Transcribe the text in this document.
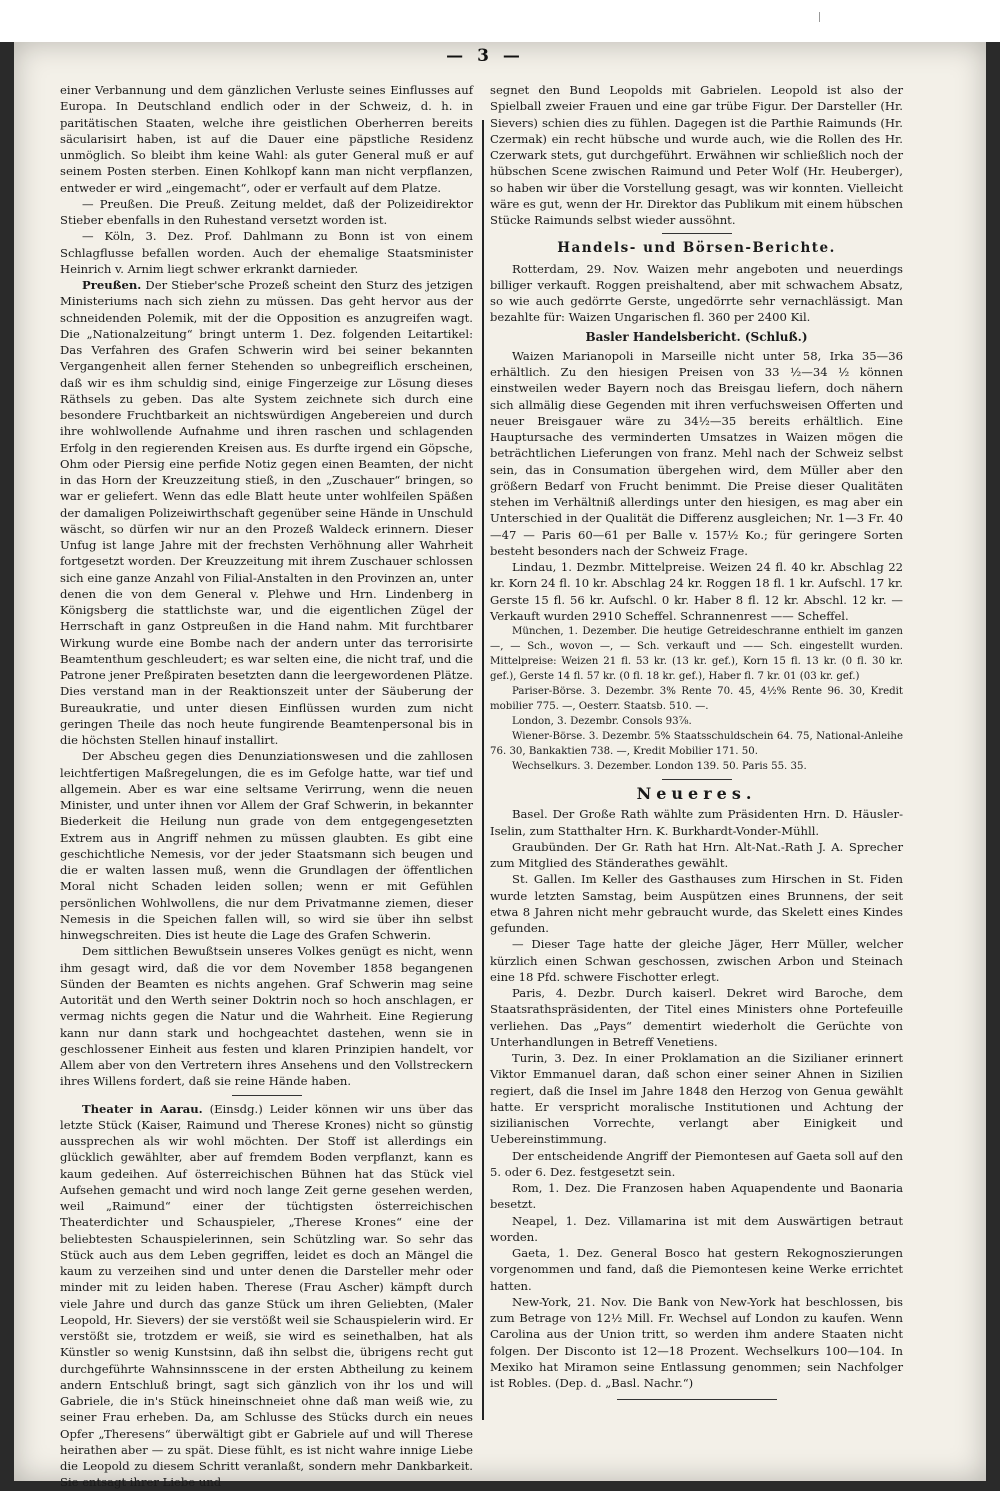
— 3 —

einer Verbannung und dem gänzlichen Verluste seines Einflusses auf Europa. In Deutschland endlich oder in der Schweiz, d. h. in paritätischen Staaten, welche ihre geistlichen Oberherren bereits säcularisirt haben, ist auf die Dauer eine päpstliche Residenz unmöglich. So bleibt ihm keine Wahl: als guter General muß er auf seinem Posten sterben. Einen Kohlkopf kann man nicht verpflanzen, entweder er wird „eingemacht“, oder er verfault auf dem Platze.

— Preußen. Die Preuß. Zeitung meldet, daß der Polizeidirektor Stieber ebenfalls in den Ruhestand versetzt worden ist.

— Köln, 3. Dez. Prof. Dahlmann zu Bonn ist von einem Schlagflusse befallen worden. Auch der ehemalige Staatsminister Heinrich v. Arnim liegt schwer erkrankt darnieder.

Preußen. Der Stieber'sche Prozeß scheint den Sturz des jetzigen Ministeriums nach sich ziehn zu müssen. Das geht hervor aus der schneidenden Polemik, mit der die Opposition es anzugreifen wagt. Die „Nationalzeitung“ bringt unterm 1. Dez. folgenden Leitartikel: Das Verfahren des Grafen Schwerin wird bei seiner bekannten Vergangenheit allen ferner Stehenden so unbegreiflich erscheinen, daß wir es ihm schuldig sind, einige Fingerzeige zur Lösung dieses Räthsels zu geben. Das alte System zeichnete sich durch eine besondere Fruchtbarkeit an nichtswürdigen Angebereien und durch ihre wohlwollende Aufnahme und ihren raschen und schlagenden Erfolg in den regierenden Kreisen aus. Es durfte irgend ein Göpsche, Ohm oder Piersig eine perfide Notiz gegen einen Beamten, der nicht in das Horn der Kreuzzeitung stieß, in den „Zuschauer“ bringen, so war er geliefert. Wenn das edle Blatt heute unter wohlfeilen Späßen der damaligen Polizeiwirthschaft gegenüber seine Hände in Unschuld wäscht, so dürfen wir nur an den Prozeß Waldeck erinnern. Dieser Unfug ist lange Jahre mit der frechsten Verhöhnung aller Wahrheit fortgesetzt worden. Der Kreuzzeitung mit ihrem Zuschauer schlossen sich eine ganze Anzahl von Filial-Anstalten in den Provinzen an, unter denen die von dem General v. Plehwe und Hrn. Lindenberg in Königsberg die stattlichste war, und die eigentlichen Zügel der Herrschaft in ganz Ostpreußen in die Hand nahm. Mit furchtbarer Wirkung wurde eine Bombe nach der andern unter das terrorisirte Beamtenthum geschleudert; es war selten eine, die nicht traf, und die Patrone jener Preßpiraten besetzten dann die leergewordenen Plätze. Dies verstand man in der Reaktionszeit unter der Säuberung der Bureaukratie, und unter diesen Einflüssen wurden zum nicht geringen Theile das noch heute fungirende Beamtenpersonal bis in die höchsten Stellen hinauf installirt.

Der Abscheu gegen dies Denunziationswesen und die zahllosen leichtfertigen Maßregelungen, die es im Gefolge hatte, war tief und allgemein. Aber es war eine seltsame Verirrung, wenn die neuen Minister, und unter ihnen vor Allem der Graf Schwerin, in bekannter Biederkeit die Heilung nun grade von dem entgegengesetzten Extrem aus in Angriff nehmen zu müssen glaubten. Es gibt eine geschichtliche Nemesis, vor der jeder Staatsmann sich beugen und die er walten lassen muß, wenn die Grundlagen der öffentlichen Moral nicht Schaden leiden sollen; wenn er mit Gefühlen persönlichen Wohlwollens, die nur dem Privatmanne ziemen, dieser Nemesis in die Speichen fallen will, so wird sie über ihn selbst hinwegschreiten. Dies ist heute die Lage des Grafen Schwerin.

Dem sittlichen Bewußtsein unseres Volkes genügt es nicht, wenn ihm gesagt wird, daß die vor dem November 1858 begangenen Sünden der Beamten es nichts angehen. Graf Schwerin mag seine Autorität und den Werth seiner Doktrin noch so hoch anschlagen, er vermag nichts gegen die Natur und die Wahrheit. Eine Regierung kann nur dann stark und hochgeachtet dastehen, wenn sie in geschlossener Einheit aus festen und klaren Prinzipien handelt, vor Allem aber von den Vertretern ihres Ansehens und den Vollstreckern ihres Willens fordert, daß sie reine Hände haben.

Theater in Aarau. (Einsdg.) Leider können wir uns über das letzte Stück (Kaiser, Raimund und Therese Krones) nicht so günstig aussprechen als wir wohl möchten. Der Stoff ist allerdings ein glücklich gewählter, aber auf fremdem Boden verpflanzt, kann es kaum gedeihen. Auf österreichischen Bühnen hat das Stück viel Aufsehen gemacht und wird noch lange Zeit gerne gesehen werden, weil „Raimund“ einer der tüchtigsten österreichischen Theaterdichter und Schauspieler, „Therese Krones“ eine der beliebtesten Schauspielerinnen, sein Schützling war. So sehr das Stück auch aus dem Leben gegriffen, leidet es doch an Mängel die kaum zu verzeihen sind und unter denen die Darsteller mehr oder minder mit zu leiden haben. Therese (Frau Ascher) kämpft durch viele Jahre und durch das ganze Stück um ihren Geliebten, (Maler Leopold, Hr. Sievers) der sie verstößt weil sie Schauspielerin wird. Er verstößt sie, trotzdem er weiß, sie wird es seinethalben, hat als Künstler so wenig Kunstsinn, daß ihn selbst die, übrigens recht gut durchgeführte Wahnsinnsscene in der ersten Abtheilung zu keinem andern Entschluß bringt, sagt sich gänzlich von ihr los und will Gabriele, die in's Stück hineinschneiet ohne daß man weiß wie, zu seiner Frau erheben. Da, am Schlusse des Stücks durch ein neues Opfer „Theresens“ überwältigt gibt er Gabriele auf und will Therese heirathen aber — zu spät. Diese fühlt, es ist nicht wahre innige Liebe die Leopold zu diesem Schritt veranlaßt, sondern mehr Dankbarkeit. Sie entsagt ihrer Liebe und

segnet den Bund Leopolds mit Gabrielen. Leopold ist also der Spielball zweier Frauen und eine gar trübe Figur. Der Darsteller (Hr. Sievers) schien dies zu fühlen. Dagegen ist die Parthie Raimunds (Hr. Czermak) ein recht hübsche und wurde auch, wie die Rollen des Hr. Czerwark stets, gut durchgeführt. Erwähnen wir schließlich noch der hübschen Scene zwischen Raimund und Peter Wolf (Hr. Heuberger), so haben wir über die Vorstellung gesagt, was wir konnten. Vielleicht wäre es gut, wenn der Hr. Direktor das Publikum mit einem hübschen Stücke Raimunds selbst wieder aussöhnt.

Handels- und Börsen-Berichte.

Rotterdam, 29. Nov. Waizen mehr angeboten und neuerdings billiger verkauft. Roggen preishaltend, aber mit schwachem Absatz, so wie auch gedörrte Gerste, ungedörrte sehr vernachlässigt. Man bezahlte für: Waizen Ungarischen fl. 360 per 2400 Kil.

Basler Handelsbericht. (Schluß.)

Waizen Marianopoli in Marseille nicht unter 58, Irka 35—36 erhältlich. Zu den hiesigen Preisen von 33 ½—34 ½ können einstweilen weder Bayern noch das Breisgau liefern, doch nähern sich allmälig diese Gegenden mit ihren verfuchsweisen Offerten und neuer Breisgauer wäre zu 34½—35 bereits erhältlich. Eine Hauptursache des verminderten Umsatzes in Waizen mögen die beträchtlichen Lieferungen von franz. Mehl nach der Schweiz selbst sein, das in Consumation übergehen wird, dem Müller aber den größern Bedarf von Frucht benimmt. Die Preise dieser Qualitäten stehen im Verhältniß allerdings unter den hiesigen, es mag aber ein Unterschied in der Qualität die Differenz ausgleichen; Nr. 1—3 Fr. 40—47 — Paris 60—61 per Balle v. 157½ Ko.; für geringere Sorten besteht besonders nach der Schweiz Frage.

Lindau, 1. Dezmbr. Mittelpreise. Weizen 24 fl. 40 kr. Abschlag 22 kr. Korn 24 fl. 10 kr. Abschlag 24 kr. Roggen 18 fl. 1 kr. Aufschl. 17 kr. Gerste 15 fl. 56 kr. Aufschl. 0 kr. Haber 8 fl. 12 kr. Abschl. 12 kr. — Verkauft wurden 2910 Scheffel. Schrannenrest —— Scheffel.

München, 1. Dezember. Die heutige Getreideschranne enthielt im ganzen —, — Sch., wovon —, — Sch. verkauft und —— Sch. eingestellt wurden. Mittelpreise: Weizen 21 fl. 53 kr. (13 kr. gef.), Korn 15 fl. 13 kr. (0 fl. 30 kr. gef.), Gerste 14 fl. 57 kr. (0 fl. 18 kr. gef.), Haber fl. 7 kr. 01 (03 kr. gef.)

Pariser-Börse. 3. Dezembr. 3% Rente 70. 45, 4½% Rente 96. 30, Kredit mobilier 775. —, Oesterr. Staatsb. 510. —.

London, 3. Dezembr. Consols 93⅞.

Wiener-Börse. 3. Dezembr. 5% Staatsschuldschein 64. 75, National-Anleihe 76. 30, Bankaktien 738. —, Kredit Mobilier 171. 50.

Wechselkurs. 3. Dezember. London 139. 50. Paris 55. 35.

Neueres.

Basel. Der Große Rath wählte zum Präsidenten Hrn. D. Häusler-Iselin, zum Statthalter Hrn. K. Burkhardt-Vonder-Mühll.

Graubünden. Der Gr. Rath hat Hrn. Alt-Nat.-Rath J. A. Sprecher zum Mitglied des Ständerathes gewählt.

St. Gallen. Im Keller des Gasthauses zum Hirschen in St. Fiden wurde letzten Samstag, beim Auspützen eines Brunnens, der seit etwa 8 Jahren nicht mehr gebraucht wurde, das Skelett eines Kindes gefunden.

— Dieser Tage hatte der gleiche Jäger, Herr Müller, welcher kürzlich einen Schwan geschossen, zwischen Arbon und Steinach eine 18 Pfd. schwere Fischotter erlegt.

Paris, 4. Dezbr. Durch kaiserl. Dekret wird Baroche, dem Staatsrathspräsidenten, der Titel eines Ministers ohne Portefeuille verliehen. Das „Pays“ dementirt wiederholt die Gerüchte von Unterhandlungen in Betreff Venetiens.

Turin, 3. Dez. In einer Proklamation an die Sizilianer erinnert Viktor Emmanuel daran, daß schon einer seiner Ahnen in Sizilien regiert, daß die Insel im Jahre 1848 den Herzog von Genua gewählt hatte. Er verspricht moralische Institutionen und Achtung der sizilianischen Vorrechte, verlangt aber Einigkeit und Uebereinstimmung.

Der entscheidende Angriff der Piemontesen auf Gaeta soll auf den 5. oder 6. Dez. festgesetzt sein.

Rom, 1. Dez. Die Franzosen haben Aquapendente und Baonaria besetzt.

Neapel, 1. Dez. Villamarina ist mit dem Auswärtigen betraut worden.

Gaeta, 1. Dez. General Bosco hat gestern Rekognoszierungen vorgenommen und fand, daß die Piemontesen keine Werke errichtet hatten.

New-York, 21. Nov. Die Bank von New-York hat beschlossen, bis zum Betrage von 12½ Mill. Fr. Wechsel auf London zu kaufen. Wenn Carolina aus der Union tritt, so werden ihm andere Staaten nicht folgen. Der Disconto ist 12—18 Prozent. Wechselkurs 100—104. In Mexiko hat Miramon seine Entlassung genommen; sein Nachfolger ist Robles. (Dep. d. „Basl. Nachr.“)
